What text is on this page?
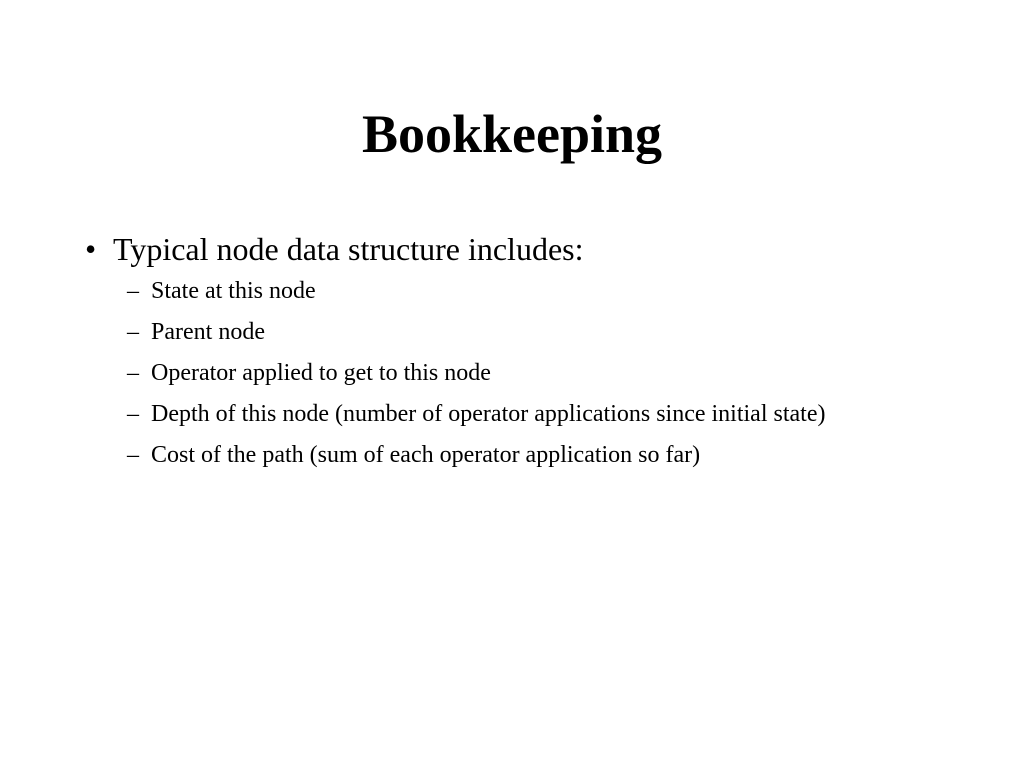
Bookkeeping
• Typical node data structure includes:
– State at this node
– Parent node
– Operator applied to get to this node
– Depth of this node (number of operator applications since initial state)
– Cost of the path (sum of each operator application so far)
